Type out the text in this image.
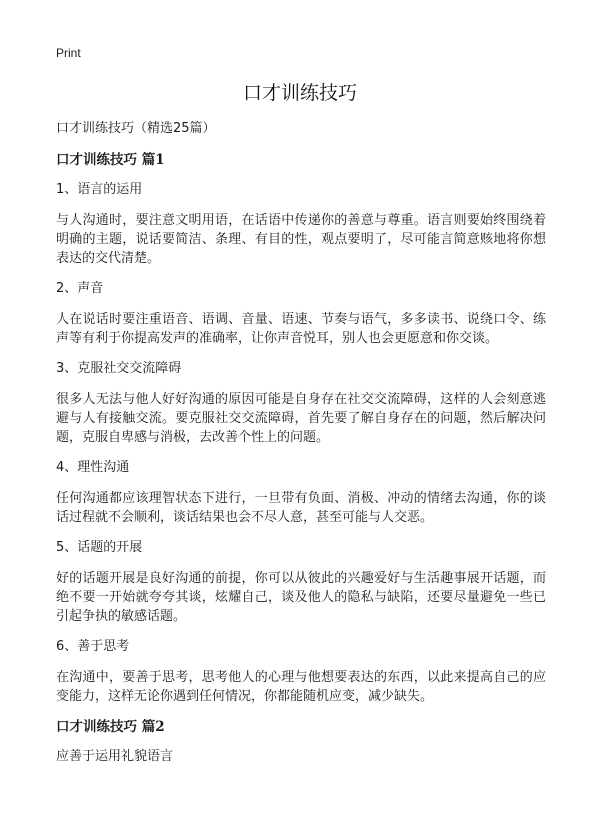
Print
口才训练技巧

口才训练技巧（精选25篇）

口才训练技巧 篇1

1、语言的运用

与人沟通时，要注意文明用语，在话语中传递你的善意与尊重。语言则要始终围绕着明确的主题，说话要简洁、条理、有目的性，观点要明了，尽可能言简意赅地将你想表达的交代清楚。

2、声音

人在说话时要注重语音、语调、音量、语速、节奏与语气，多多读书、说绕口令、练声等有利于你提高发声的准确率，让你声音悦耳，别人也会更愿意和你交谈。

3、克服社交交流障碍

很多人无法与他人好好沟通的原因可能是自身存在社交交流障碍，这样的人会刻意逃避与人有接触交流。要克服社交交流障碍，首先要了解自身存在的问题，然后解决问题，克服自卑感与消极，去改善个性上的问题。

4、理性沟通

任何沟通都应该理智状态下进行，一旦带有负面、消极、冲动的情绪去沟通，你的谈话过程就不会顺利，谈话结果也会不尽人意，甚至可能与人交恶。

5、话题的开展

好的话题开展是良好沟通的前提，你可以从彼此的兴趣爱好与生活趣事展开话题，而绝不要一开始就夸夸其谈，炫耀自己，谈及他人的隐私与缺陷，还要尽量避免一些已引起争执的敏感话题。

6、善于思考

在沟通中，要善于思考，思考他人的心理与他想要表达的东西，以此来提高自己的应变能力，这样无论你遇到任何情况，你都能随机应变，减少缺失。

口才训练技巧 篇2

应善于运用礼貌语言
